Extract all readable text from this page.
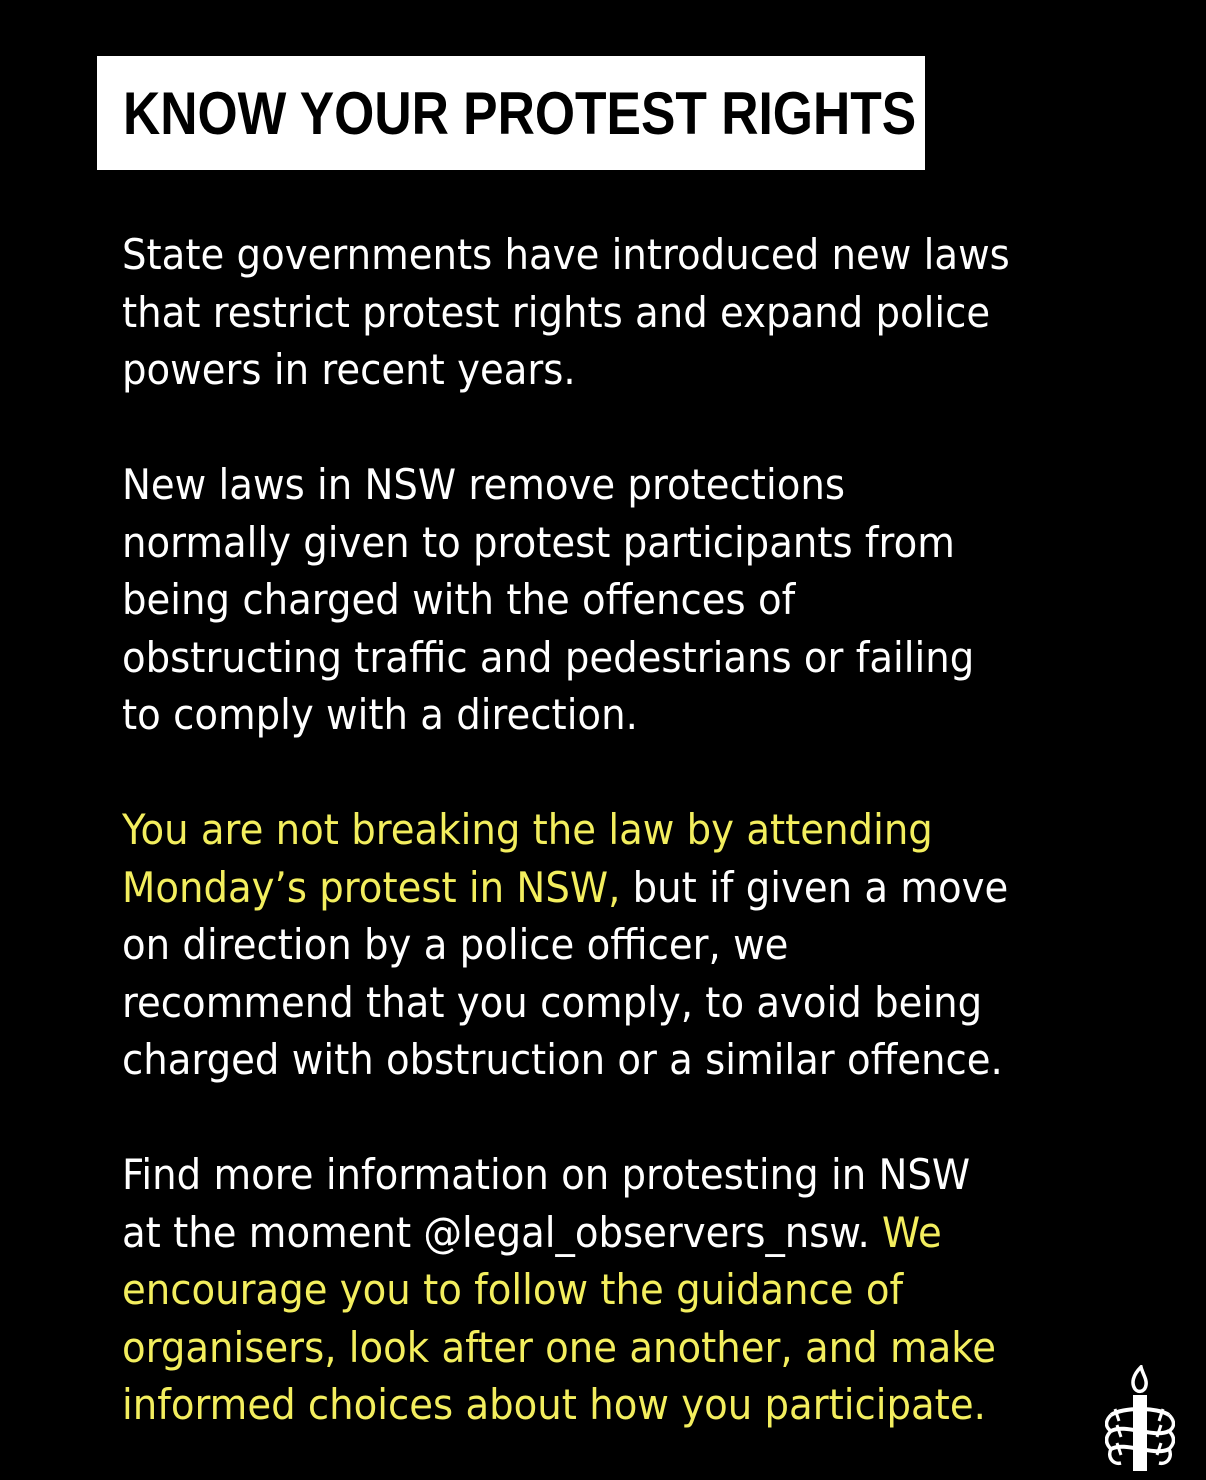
KNOW YOUR PROTEST RIGHTS
State governments have introduced new laws
that restrict protest rights and expand police
powers in recent years.
New laws in NSW remove protections
normally given to protest participants from
being charged with the offences of
obstructing traffic and pedestrians or failing
to comply with a direction.
You are not breaking the law by attending
Monday’s protest in NSW, but if given a move
on direction by a police officer, we
recommend that you comply, to avoid being
charged with obstruction or a similar offence.
Find more information on protesting in NSW
at the moment @legal_observers_nsw. We
encourage you to follow the guidance of
organisers, look after one another, and make
informed choices about how you participate.
